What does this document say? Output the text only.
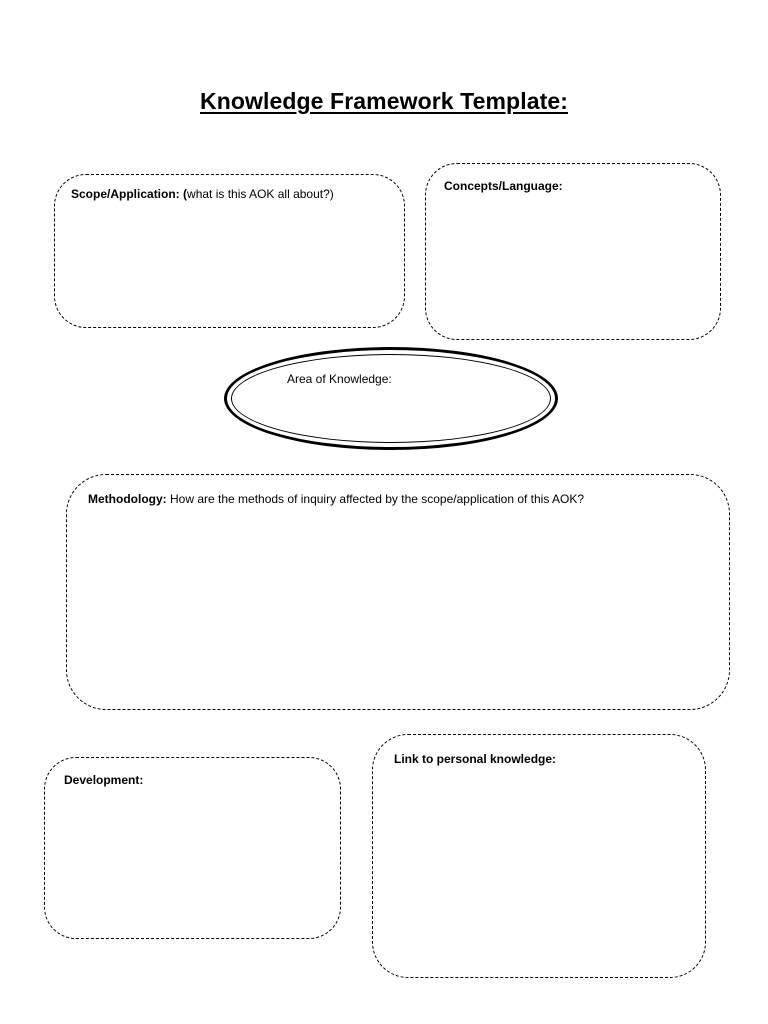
Knowledge Framework Template:
Scope/Application: (what is this AOK all about?)
Concepts/Language:
Area of Knowledge:
Methodology: How are the methods of inquiry affected by the scope/application of this AOK?
Development:
Link to personal knowledge:
